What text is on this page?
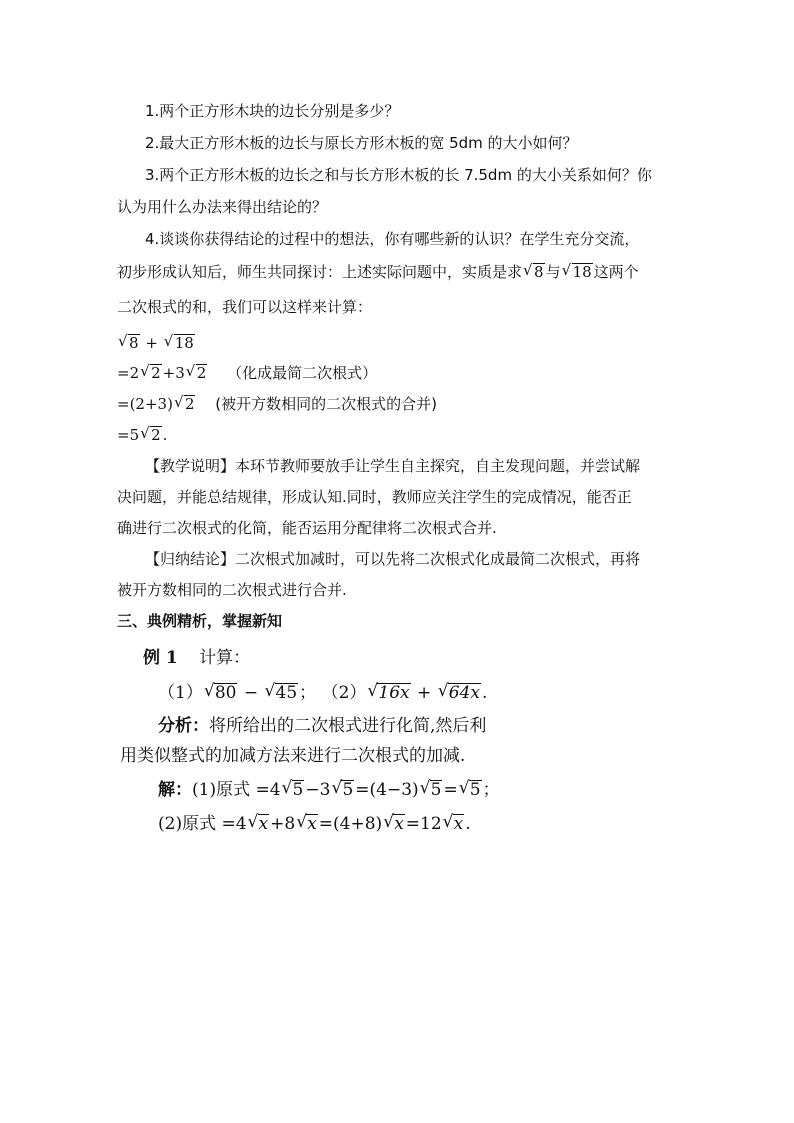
1.两个正方形木块的边长分别是多少？
2.最大正方形木板的边长与原长方形木板的宽 5dm 的大小如何？
3.两个正方形木板的边长之和与长方形木板的长 7.5dm 的大小关系如何？你
认为用什么办法来得出结论的？
4.谈谈你获得结论的过程中的想法，你有哪些新的认识？在学生充分交流，
初步形成认知后，师生共同探讨：上述实际问题中，实质是求 √ 8 与 √ 18 这两个
二次根式的和，我们可以这样来计算：
√ 8 + √ 18
=2 √ 2 +3 √ 2 （化成最简二次根式）
=(2+3) √ 2 (被开方数相同的二次根式的合并)
=5 √ 2 .
【教学说明】本环节教师要放手让学生自主探究，自主发现问题，并尝试解
决问题，并能总结规律，形成认知.同时，教师应关注学生的完成情况，能否正
确进行二次根式的化简，能否运用分配律将二次根式合并.
【归纳结论】二次根式加减时，可以先将二次根式化成最简二次根式，再将
被开方数相同的二次根式进行合并.
三、典例精析，掌握新知
例 1 计算：
（1） √ 80 − √ 45 ； （2） √ 16x + √ 64x .
分析：将所给出的二次根式进行化简,然后利
用类似整式的加减方法来进行二次根式的加减.
解：(1)原式 =4 √ 5 −3 √ 5 =(4−3) √ 5 = √ 5 ；
(2)原式 =4 √ x +8 √ x =(4+8) √ x =12 √ x .
